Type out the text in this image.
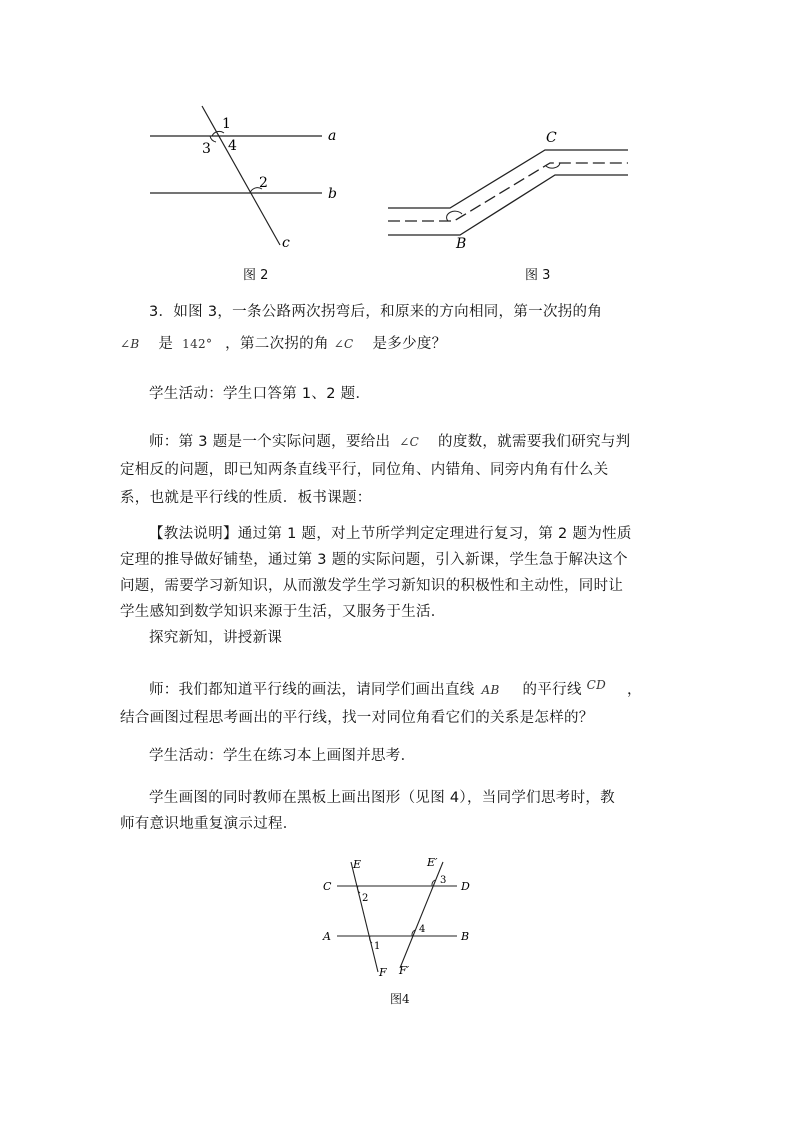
1
3 4
2
a
b
c
图 2
C
B
图 3
3．如图 3，一条公路两次拐弯后，和原来的方向相同，第一次拐的角
∠B 是 142° ，第二次拐的角 ∠C 是多少度？
学生活动：学生口答第 1、2 题．
师：第 3 题是一个实际问题，要给出 ∠C 的度数，就需要我们研究与判
定相反的问题，即已知两条直线平行，同位角、内错角、同旁内角有什么关
系，也就是平行线的性质．板书课题：
【教法说明】通过第 1 题，对上节所学判定定理进行复习，第 2 题为性质
定理的推导做好铺垫，通过第 3 题的实际问题，引入新课，学生急于解决这个
问题，需要学习新知识，从而激发学生学习新知识的积极性和主动性，同时让
学生感知到数学知识来源于生活，又服务于生活．
探究新知，讲授新课
师：我们都知道平行线的画法，请同学们画出直线 AB 的平行线 $^{CD}$ ，
结合画图过程思考画出的平行线，找一对同位角看它们的关系是怎样的？
学生活动：学生在练习本上画图并思考．
学生画图的同时教师在黑板上画出图形（见图 4），当同学们思考时，教
师有意识地重复演示过程．
E	E′
C	D
A	B
F F′
2
1
3
4
图4
